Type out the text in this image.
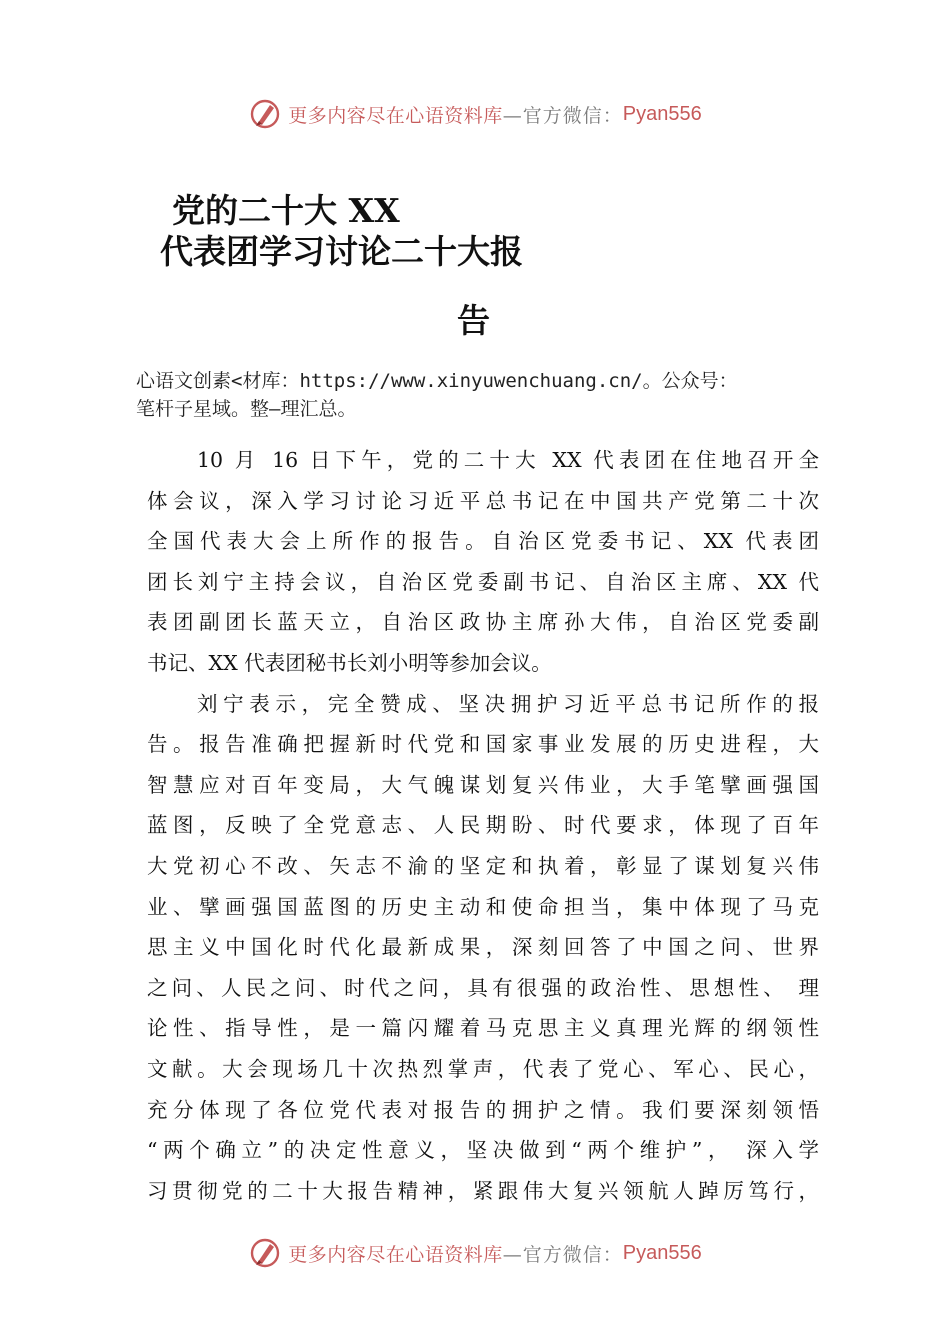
更多内容尽在心语资料库 —官方微信： Pyan556
党的二十大 XX
代表团学习讨论二十大报
告

心语文创素<材库：https://www.xinyuwenchuang.cn/。公众号：

笔杆子星域。整—理汇总。

10 月 16 日下午，党的二十大 XX 代表团在住地召开全
体会议，深入学习讨论习近平总书记在中国共产党第二十次
全国代表大会上所作的报告。自治区党委书记、XX 代表团
团长刘宁主持会议，自治区党委副书记、自治区主席、XX 代
表团副团长蓝天立，自治区政协主席孙大伟，自治区党委副
书记、XX 代表团秘书长刘小明等参加会议。

刘宁表示，完全赞成、坚决拥护习近平总书记所作的报
告。报告准确把握新时代党和国家事业发展的历史进程，大
智慧应对百年变局，大气魄谋划复兴伟业，大手笔擘画强国
蓝图，反映了全党意志、人民期盼、时代要求，体现了百年
大党初心不改、矢志不渝的坚定和执着，彰显了谋划复兴伟
业、擘画强国蓝图的历史主动和使命担当，集中体现了马克
思主义中国化时代化最新成果，深刻回答了中国之问、世界
之问、人民之问、时代之问，具有很强的政治性、思想性、 理
论性、指导性，是一篇闪耀着马克思主义真理光辉的纲领性
文献。大会现场几十次热烈掌声，代表了党心、军心、民心，
充分体现了各位党代表对报告的拥护之情。我们要深刻领悟
“两个确立”的决定性意义，坚决做到“两个维护”， 深入学
习贯彻党的二十大报告精神，紧跟伟大复兴领航人踔厉笃行，

更多内容尽在心语资料库 —官方微信： Pyan556
